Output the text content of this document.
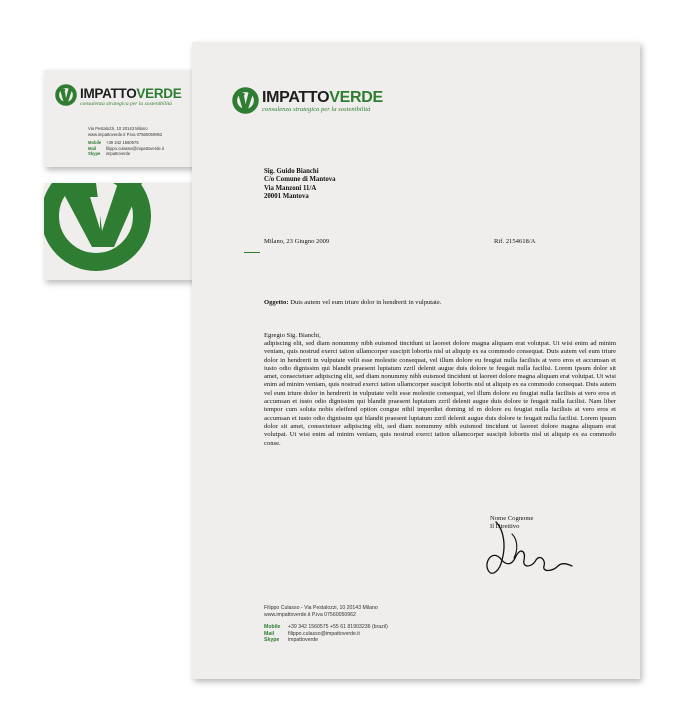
IMPATTOVERDE
consulenza strategica per la sostenibilità
Via Pestalozzi, 10 20143 Milano
www.impattoverde.it P.iva 07560050962
Mobile +39 342 1560575
Mail filippo.culasso@impattoverde.it
Skype impattoverde
IMPATTOVERDE
consulenza strategica per la sostenibilità
Sig. Guido Bianchi
C/o Comune di Mantova
Via Manzoni 11/A
20001 Mantova
Milano, 23 Giugno 2009	Rif. 2154618/A
Oggetto: Duis autem vel eum iriure dolor in hendrerit in vulputate.
Egregio Sig. Bianchi,
adipiscing elit, sed diam nonummy nibh euismod tincidunt ut laoreet dolore magna aliquam erat volutpat. Ut wisi enim ad minim veniam, quis nostrud exerci tation ullamcorper suscipit lobortis nisl ut aliquip ex ea commodo consequat. Duis autem vel eum iriure dolor in hendrerit in vulputate velit esse molestie consequat, vel illum dolore eu feugiat nulla facilisis at vero eros et accumsan et iusto odio dignissim qui blandit praesent luptatum zzril delenit augue duis dolore te feugait nulla facilisi. Lorem ipsum dolor sit amet, consectetuer adipiscing elit, sed diam nonummy nibh euismod tincidunt ut laoreet dolore magna aliquam erat volutpat. Ut wisi enim ad minim veniam, quis nostrud exerci tation ullamcorper suscipit lobortis nisl ut aliquip ex ea commodo consequat. Duis autem vel eum iriure dolor in hendrerit in vulputate velit esse molestie consequat, vel illum dolore eu feugiat nulla facilisis at vero eros et accumsan et iusto odio dignissim qui blandit praesent luptatum zzril delenit augue duis dolore te feugait nulla facilisi. Nam liber tempor cum soluta nobis eleifend option congue nihil imperdiet doming id m dolore eu feugiat nulla facilisis at vero eros et accumsan et iusto odio dignissim qui blandit praesent luptatum zzril delenit augue duis dolore te feugait nulla facilisi. Lorem ipsum dolor sit amet, consectetuer adipiscing elit, sed diam nonummy nibh euismod tincidunt ut laoreet dolore magna aliquam erat volutpat. Ut wisi enim ad minim veniam, quis nostrud exerci tation ullamcorper suscipit lobortis nisl ut aliquip ex ea commodo conse.
Nome Cognome
Il Direttivo
Filippo Culasso - Via Pestalozzi, 10 20143 Milano
www.impattoverde.it P.iva 07560050962
Mobile +39 342 1560575 +55 61 81903236 (brazil)
Mail	filippo.culasso@impattoverde.it
Skype impattoverde
